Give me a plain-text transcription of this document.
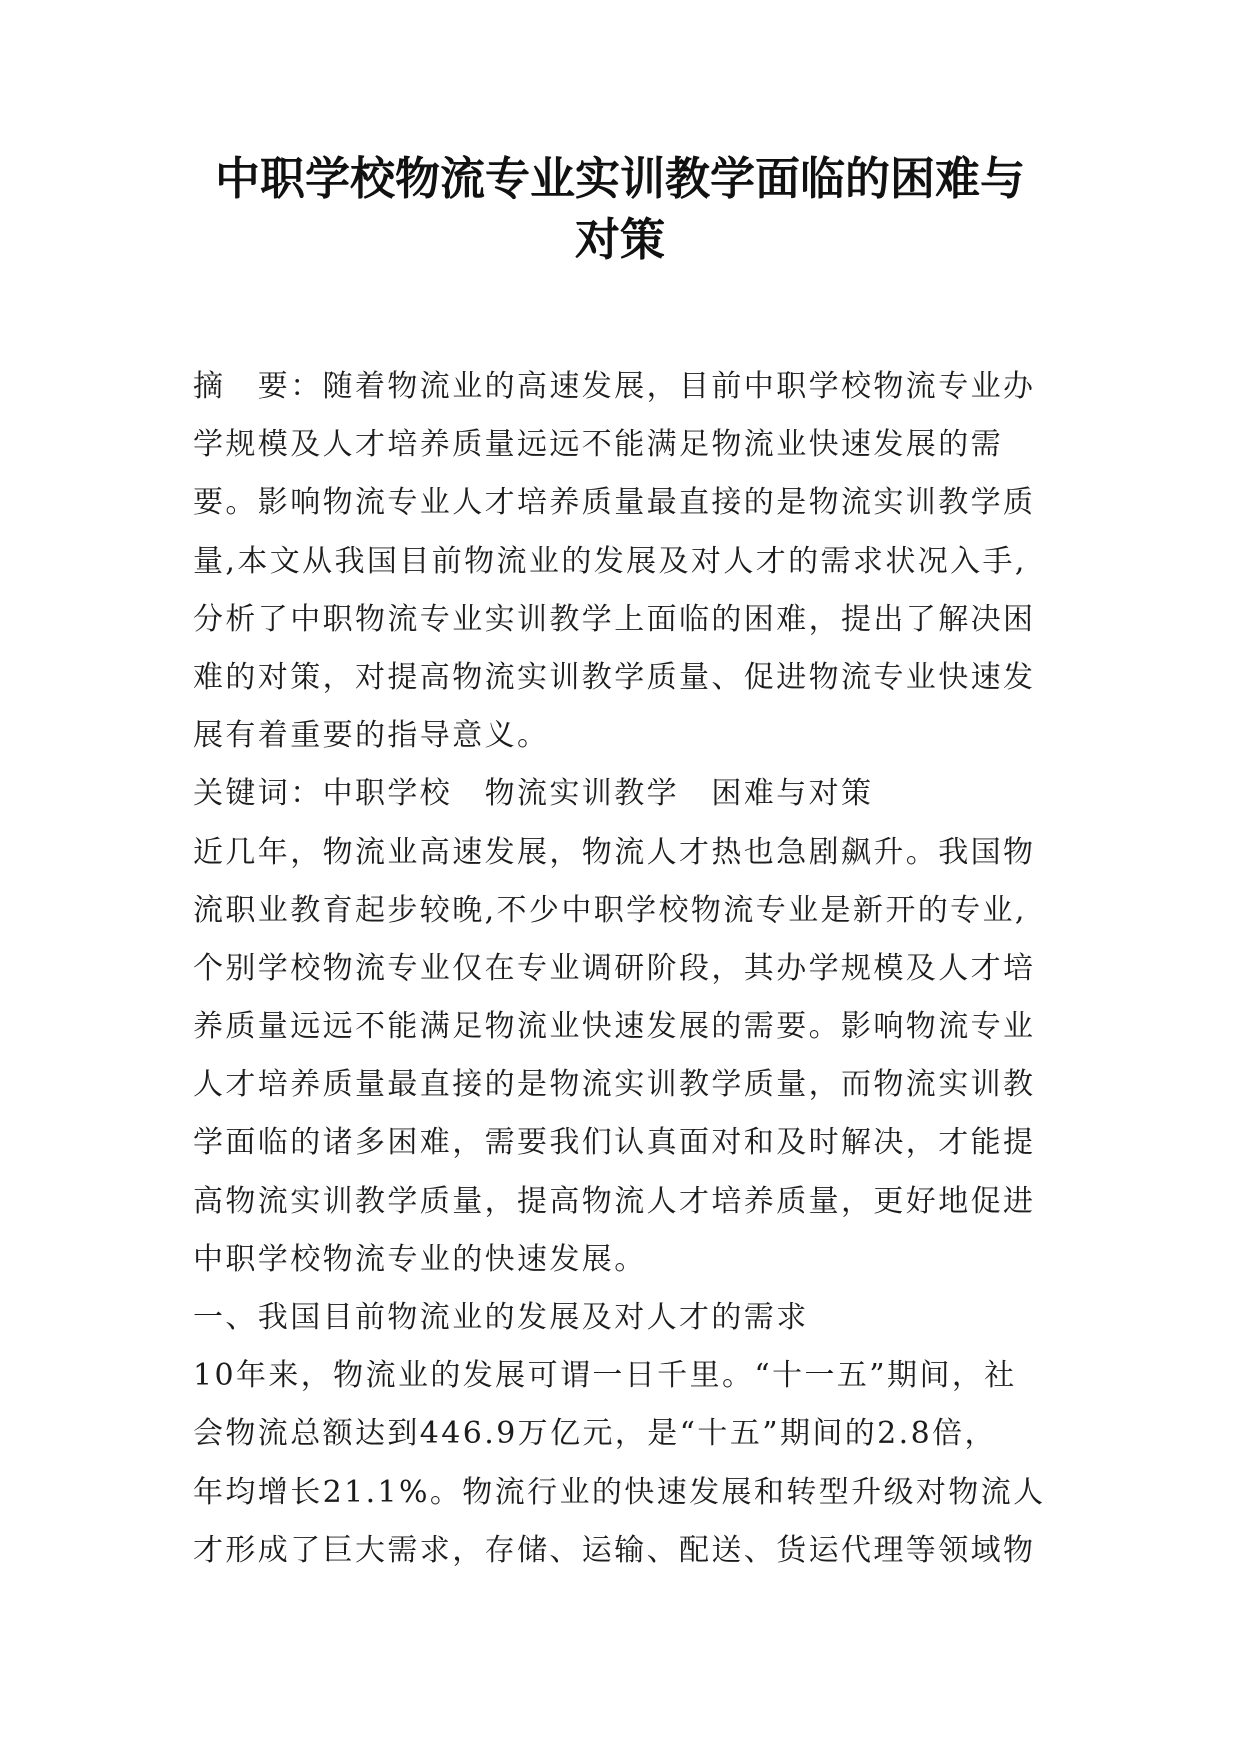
中职学校物流专业实训教学面临的困难与
对策
摘　要：随着物流业的高速发展，目前中职学校物流专业办
学规模及人才培养质量远远不能满足物流业快速发展的需
要。影响物流专业人才培养质量最直接的是物流实训教学质
量,本文从我国目前物流业的发展及对人才的需求状况入手,
分析了中职物流专业实训教学上面临的困难，提出了解决困
难的对策，对提高物流实训教学质量、促进物流专业快速发
展有着重要的指导意义。
关键词：中职学校　物流实训教学　困难与对策
近几年，物流业高速发展，物流人才热也急剧飙升。我国物
流职业教育起步较晚,不少中职学校物流专业是新开的专业,
个别学校物流专业仅在专业调研阶段，其办学规模及人才培
养质量远远不能满足物流业快速发展的需要。影响物流专业
人才培养质量最直接的是物流实训教学质量，而物流实训教
学面临的诸多困难，需要我们认真面对和及时解决，才能提
高物流实训教学质量，提高物流人才培养质量，更好地促进
中职学校物流专业的快速发展。
一、我国目前物流业的发展及对人才的需求
10年来，物流业的发展可谓一日千里。“十一五”期间，社
会物流总额达到446.9万亿元，是“十五”期间的2.8倍，
年均增长21.1%。物流行业的快速发展和转型升级对物流人
才形成了巨大需求，存储、运输、配送、货运代理等领域物
